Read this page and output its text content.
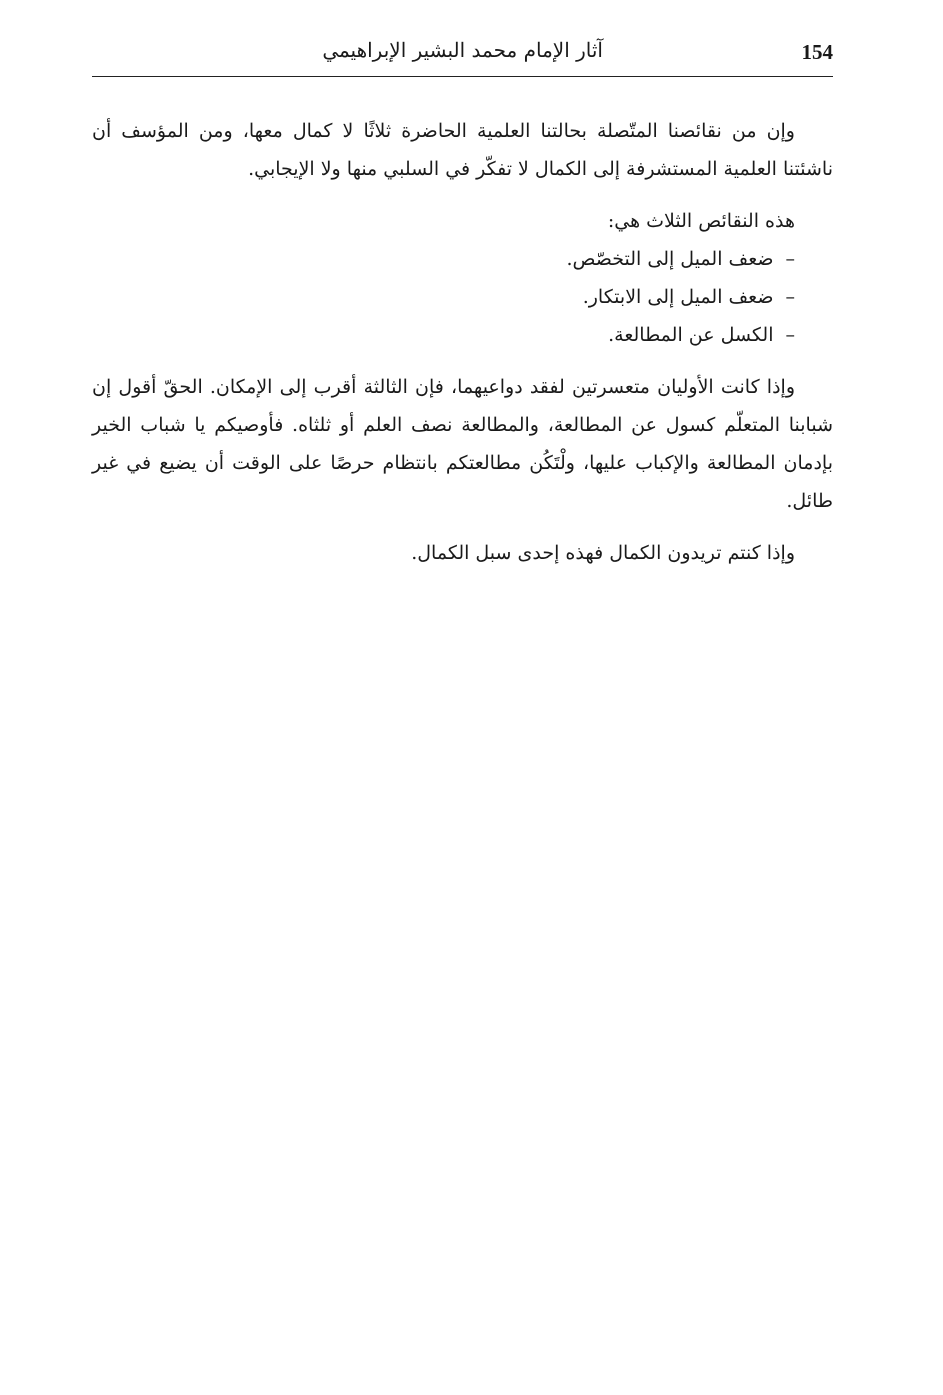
154
آثار الإمام محمد البشير الإبراهيمي

وإن من نقائصنا المتّصلة بحالتنا العلمية الحاضرة ثلاثًا لا كمال معها، ومن المؤسف أن ناشئتنا العلمية المستشرفة إلى الكمال لا تفكّر في السلبي منها ولا الإيجابي.

هذه النقائص الثلاث هي:

–ضعف الميل إلى التخصّص.
–ضعف الميل إلى الابتكار.
–الكسل عن المطالعة.

وإذا كانت الأوليان متعسرتين لفقد دواعيهما، فإن الثالثة أقرب إلى الإمكان. الحقّ أقول إن شبابنا المتعلّم كسول عن المطالعة، والمطالعة نصف العلم أو ثلثاه. فأوصيكم يا شباب الخير بإدمان المطالعة والإكباب عليها، ولْتَكُن مطالعتكم بانتظام حرصًا على الوقت أن يضيع في غير طائل.

وإذا كنتم تريدون الكمال فهذه إحدى سبل الكمال.
